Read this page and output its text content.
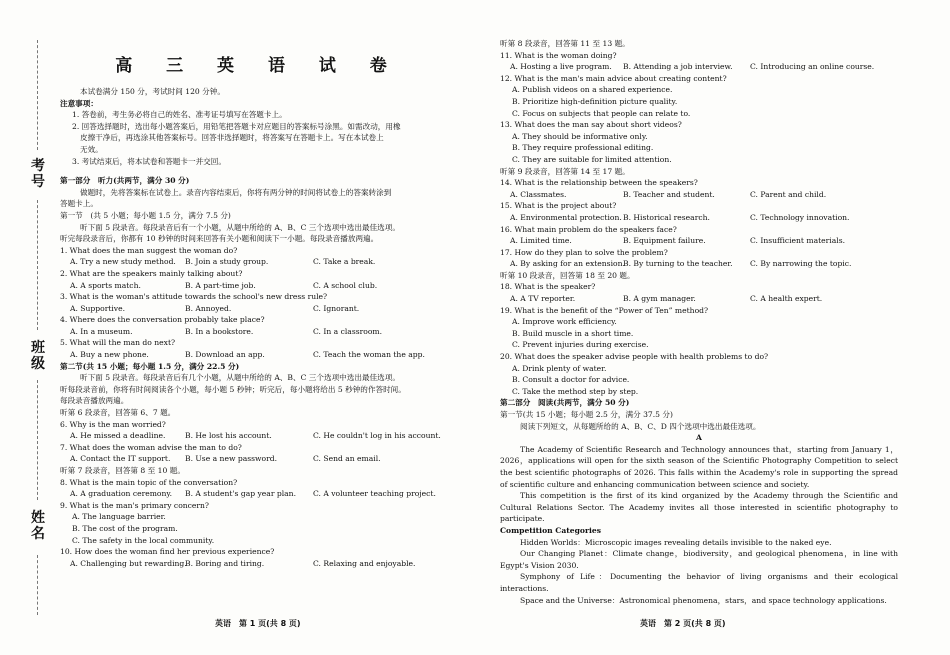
考号
班级
姓名
高 三 英 语 试 卷
本试卷满分 150 分，考试时间 120 分钟。
注意事项：
1. 答卷前，考生务必将自己的姓名、准考证号填写在答题卡上。
2. 回答选择题时，选出每小题答案后，用铅笔把答题卡对应题目的答案标号涂黑。如需改动，用橡
皮擦干净后，再选涂其他答案标号。回答非选择题时，将答案写在答题卡上。写在本试卷上
无效。
3. 考试结束后，将本试卷和答题卡一并交回。
第一部分　听力(共两节，满分 30 分)
做题时，先将答案标在试卷上。录音内容结束后，你将有两分钟的时间将试卷上的答案转涂到
答题卡上。
第一节　(共 5 小题；每小题 1.5 分，满分 7.5 分)
听下面 5 段录音。每段录音后有一个小题，从题中所给的 A、B、C 三个选项中选出最佳选项。
听完每段录音后，你都有 10 秒钟的时间来回答有关小题和阅读下一小题。每段录音播放两遍。
1. What does the man suggest the woman do?
A. Try a new study method.	B. Join a study group.	C. Take a break.
2. What are the speakers mainly talking about?
A. A sports match.	B. A part-time job.	C. A school club.
3. What is the woman's attitude towards the school's new dress rule?
A. Supportive.	B. Annoyed.	C. Ignorant.
4. Where does the conversation probably take place?
A. In a museum.	B. In a bookstore.	C. In a classroom.
5. What will the man do next?
A. Buy a new phone.	B. Download an app.	C. Teach the woman the app.
第二节(共 15 小题；每小题 1.5 分，满分 22.5 分)
听下面 5 段录音。每段录音后有几个小题，从题中所给的 A、B、C 三个选项中选出最佳选项。
听每段录音前，你将有时间阅读各个小题，每小题 5 秒钟；听完后，每小题将给出 5 秒钟的作答时间。
每段录音播放两遍。
听第 6 段录音，回答第 6、7 题。
6. Why is the man worried?
A. He missed a deadline.	B. He lost his account.	C. He couldn't log in his account.
7. What does the woman advise the man to do?
A. Contact the IT support.	B. Use a new password.	C. Send an email.
听第 7 段录音，回答第 8 至 10 题。
8. What is the main topic of the conversation?
A. A graduation ceremony.	B. A student's gap year plan.	C. A volunteer teaching project.
9. What is the man's primary concern?
A. The language barrier.
B. The cost of the program.
C. The safety in the local community.
10. How does the woman find her previous experience?
A. Challenging but rewarding.
B. Boring and tiring.	C. Relaxing and enjoyable.
英语　第 1 页(共 8 页)
听第 8 段录音，回答第 11 至 13 题。
11. What is the woman doing?
A. Hosting a live program.	B. Attending a job interview.	C. Introducing an online course.
12. What is the man's main advice about creating content?
A. Publish videos on a shared experience.
B. Prioritize high-definition picture quality.
C. Focus on subjects that people can relate to.
13. What does the man say about short videos?
A. They should be informative only.
B. They require professional editing.
C. They are suitable for limited attention.
听第 9 段录音，回答第 14 至 17 题。
14. What is the relationship between the speakers?
A. Classmates.	B. Teacher and student.	C. Parent and child.
15. What is the project about?
A. Environmental protection. B. Historical research.	C. Technology innovation.
16. What main problem do the speakers face?
A. Limited time.	B. Equipment failure.	C. Insufficient materials.
17. How do they plan to solve the problem?
A. By asking for an extension.
B. By turning to the teacher.	C. By narrowing the topic.
听第 10 段录音，回答第 18 至 20 题。
18. What is the speaker?
A. A TV reporter.	B. A gym manager.	C. A health expert.
19. What is the benefit of the “Power of Ten” method?
A. Improve work efficiency.
B. Build muscle in a short time.
C. Prevent injuries during exercise.
20. What does the speaker advise people with health problems to do?
A. Drink plenty of water.
B. Consult a doctor for advice.
C. Take the method step by step.
第二部分　阅读(共两节，满分 50 分)
第一节(共 15 小题；每小题 2.5 分，满分 37.5 分)
阅读下列短文，从每题所给的 A、B、C、D 四个选项中选出最佳选项。
A
The Academy of Scientific Research and Technology announces that，starting from January 1，2026，applications will open for the sixth season of the Scientific Photography Competition to select the best scientific photographs of 2026. This falls within the Academy's role in supporting the spread of scientific culture and enhancing communication between science and society.
This competition is the first of its kind organized by the Academy through the Scientific and Cultural Relations Sector. The Academy invites all those interested in scientific photography to participate.
Competition Categories
Hidden Worlds：Microscopic images revealing details invisible to the naked eye.
Our Changing Planet：Climate change，biodiversity，and geological phenomena，in line with Egypt's Vision 2030.
Symphony of Life：Documenting the behavior of living organisms and their ecological interactions.
Space and the Universe：Astronomical phenomena，stars，and space technology applications.
英语　第 2 页(共 8 页)
